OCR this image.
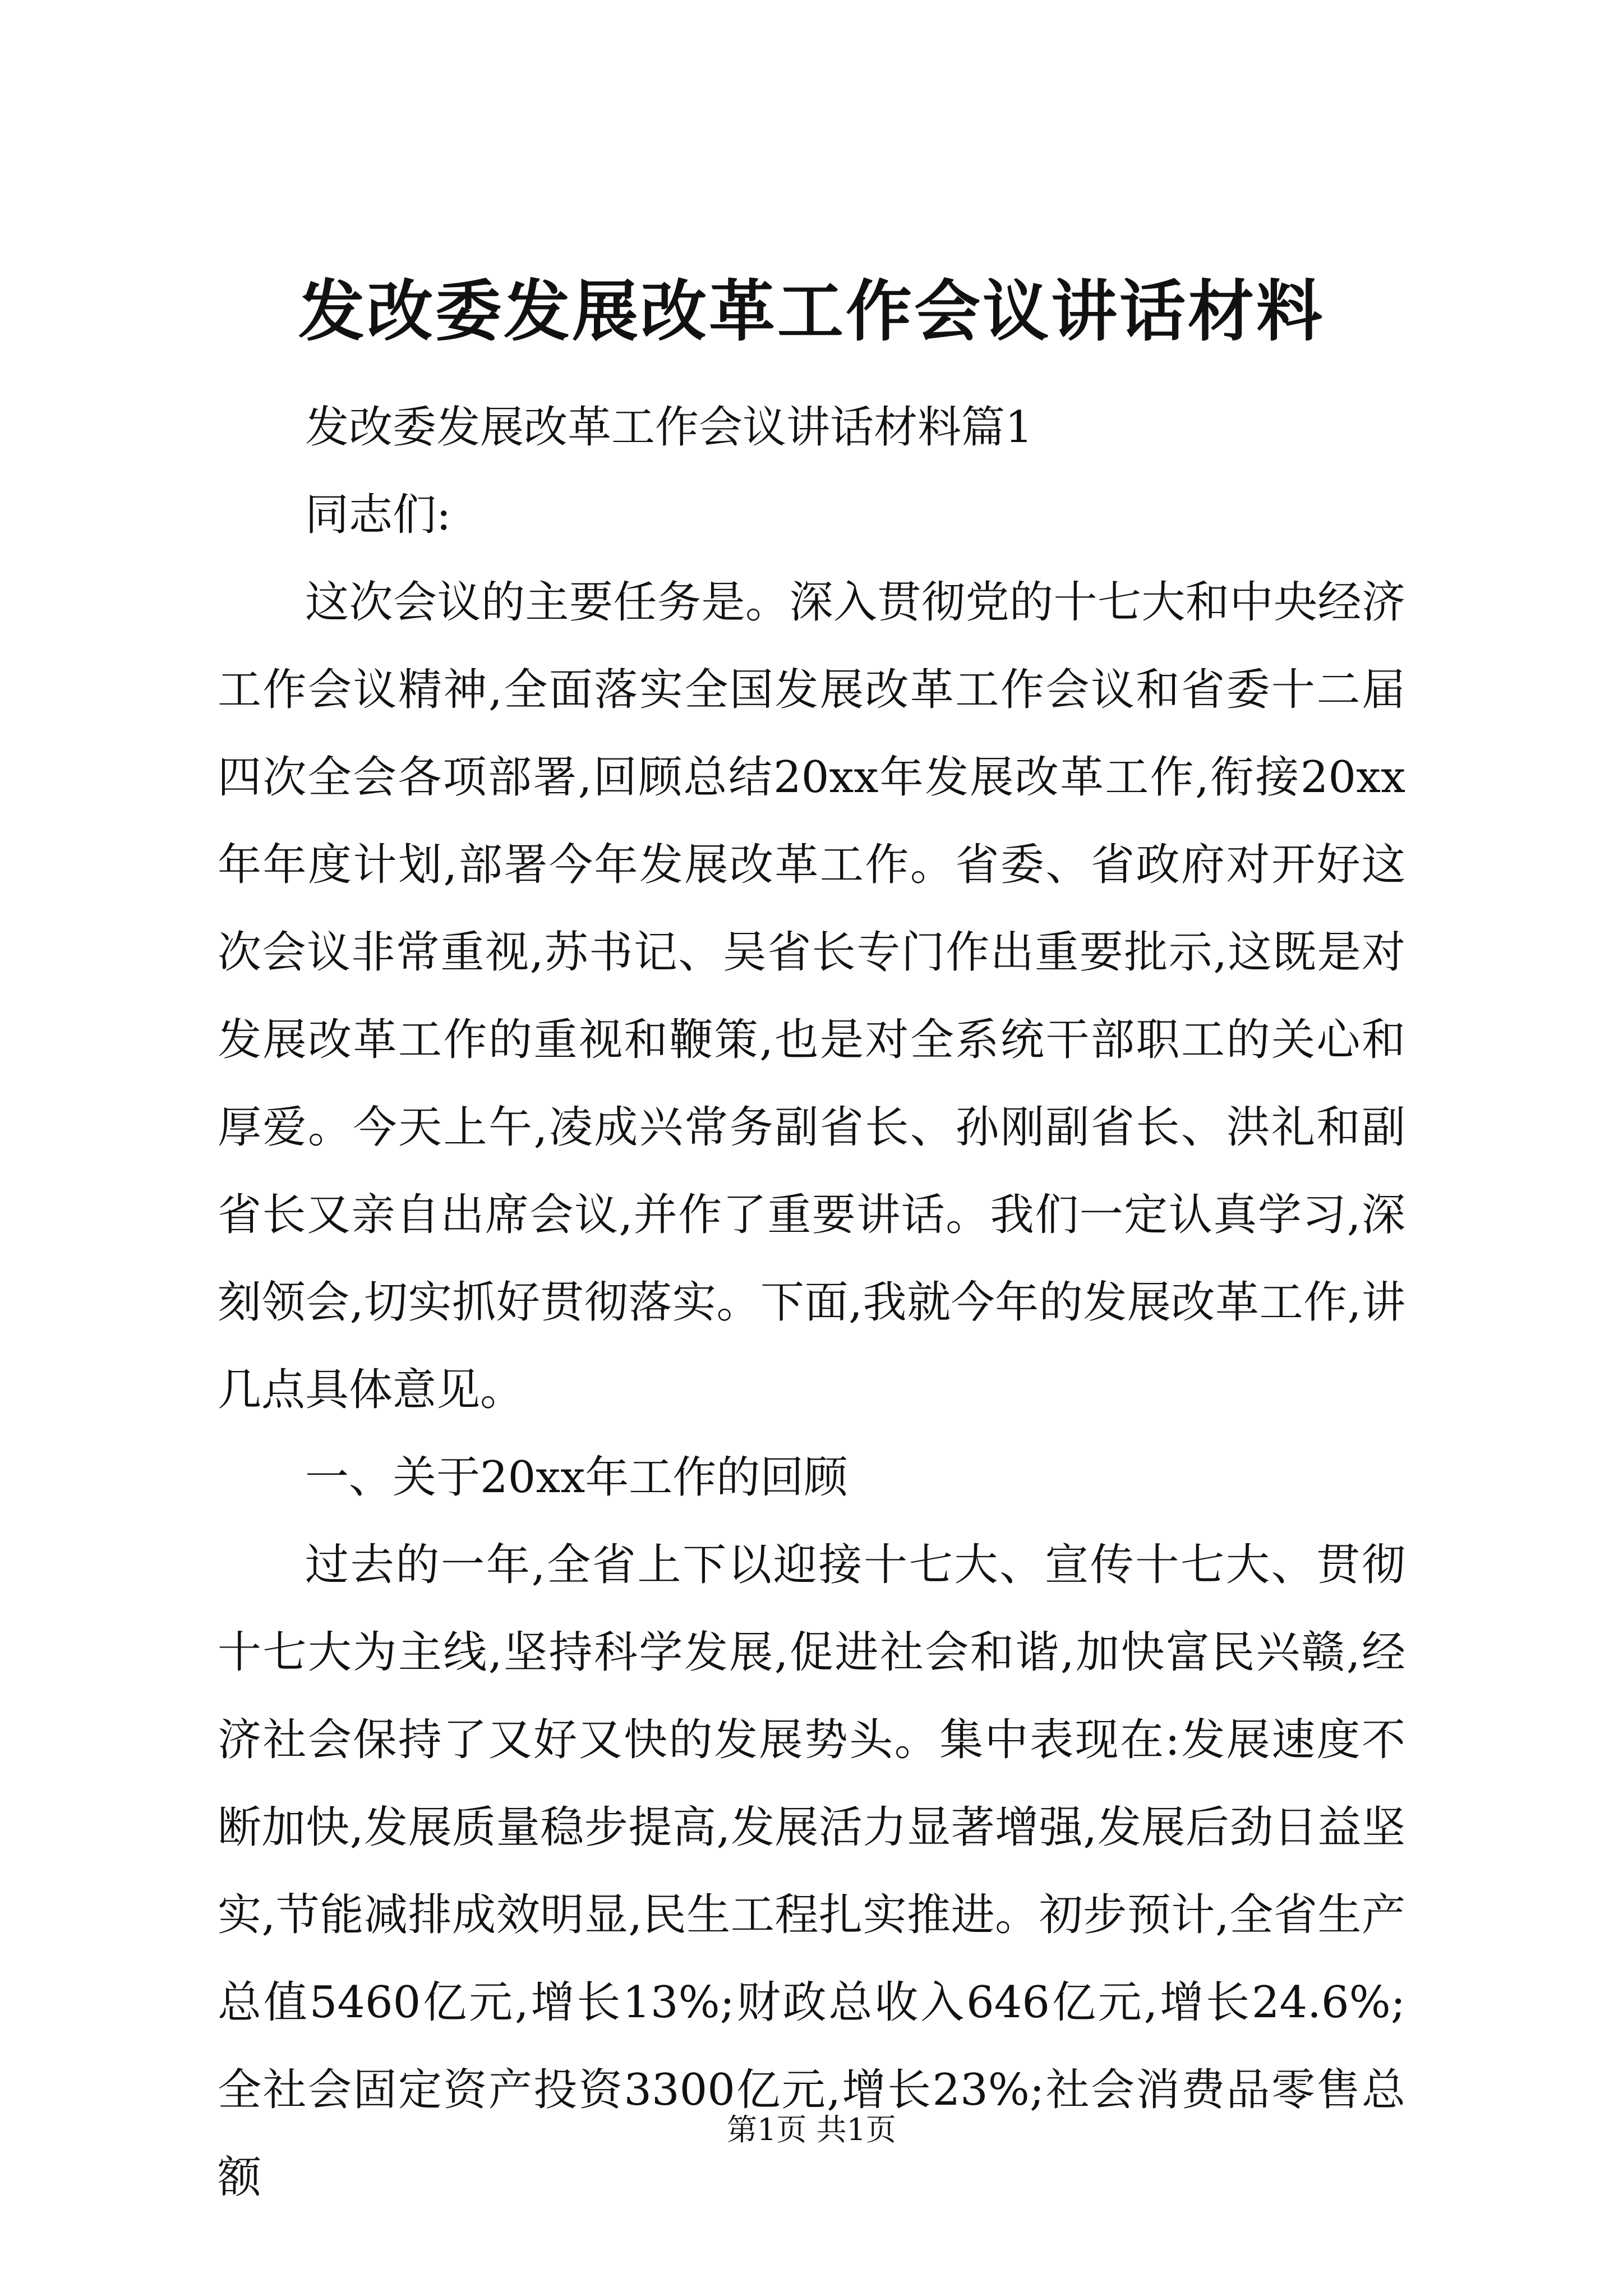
发改委发展改革工作会议讲话材料

发改委发展改革工作会议讲话材料篇1

同志们:

这次会议的主要任务是。深入贯彻党的十七大和中央经济工作会议精神,全面落实全国发展改革工作会议和省委十二届四次全会各项部署,回顾总结20xx年发展改革工作,衔接20xx年年度计划,部署今年发展改革工作。省委、省政府对开好这次会议非常重视,苏书记、吴省长专门作出重要批示,这既是对发展改革工作的重视和鞭策,也是对全系统干部职工的关心和厚爱。今天上午,凌成兴常务副省长、孙刚副省长、洪礼和副省长又亲自出席会议,并作了重要讲话。我们一定认真学习,深刻领会,切实抓好贯彻落实。下面,我就今年的发展改革工作,讲几点具体意见。

一、关于20xx年工作的回顾

过去的一年,全省上下以迎接十七大、宣传十七大、贯彻十七大为主线,坚持科学发展,促进社会和谐,加快富民兴赣,经济社会保持了又好又快的发展势头。集中表现在:发展速度不断加快,发展质量稳步提高,发展活力显著增强,发展后劲日益坚实,节能减排成效明显,民生工程扎实推进。初步预计,全省生产总值5460亿元,增长13%;财政总收入646亿元,增长24.6%;全社会固定资产投资3300亿元,增长23%;社会消费品零售总额

第1页 共1页
